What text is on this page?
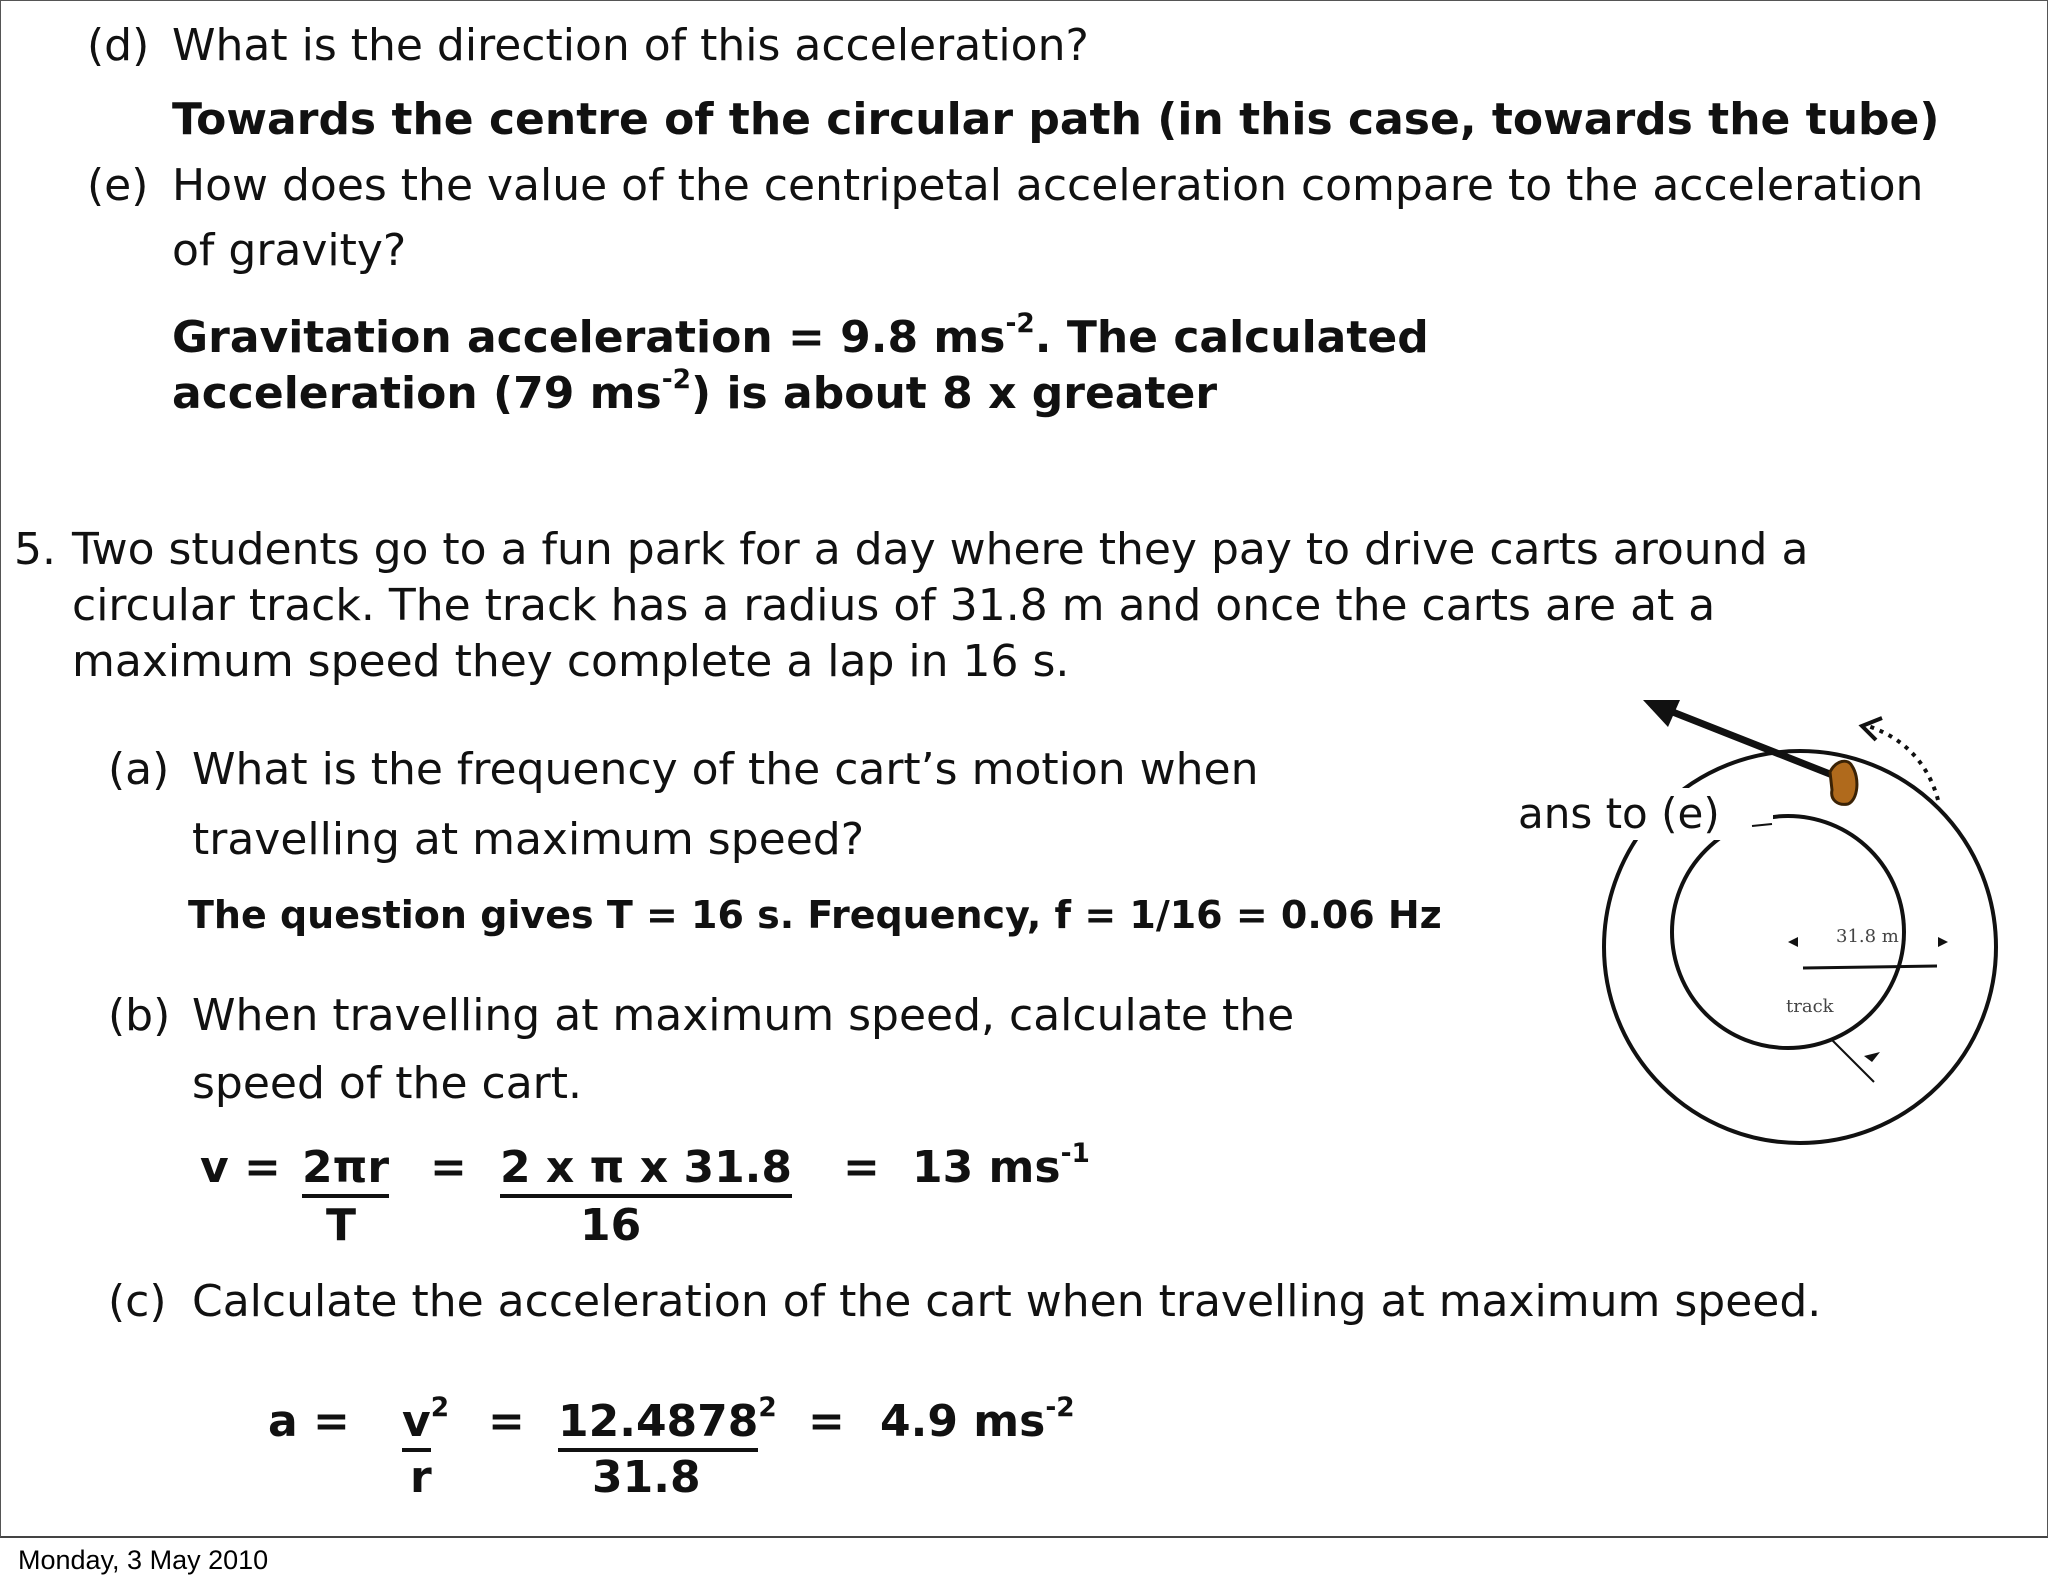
(d) What is the direction of this acceleration?
Towards the centre of the circular path (in this case, towards the tube)
(e) How does the value of the centripetal acceleration compare to the acceleration
of gravity?
Gravitation acceleration = 9.8 $ms^{-2}$. The calculated
acceleration (79 $ms^{-2}$) is about 8 x greater
5. Two students go to a fun park for a day where they pay to drive carts around a
circular track. The track has a radius of 31.8 m and once the carts are at a
maximum speed they complete a lap in 16 s.
(a) What is the frequency of the cart’s motion when
travelling at maximum speed?
The question gives T = 16 s. Frequency, f = 1/16 = 0.06 Hz
(b) When travelling at maximum speed, calculate the
speed of the cart.
v = 2πr
T
= 2 x π x 31.8
16
= 13 $ms^{-1}$
(c) Calculate the acceleration of the cart when travelling at maximum speed.
$a = v^2$
r
= $12.4878^2$
31.8
= 4.9 $ms^{-2}$
ans to (e)
31.8 m
track
Monday, 3 May 2010
